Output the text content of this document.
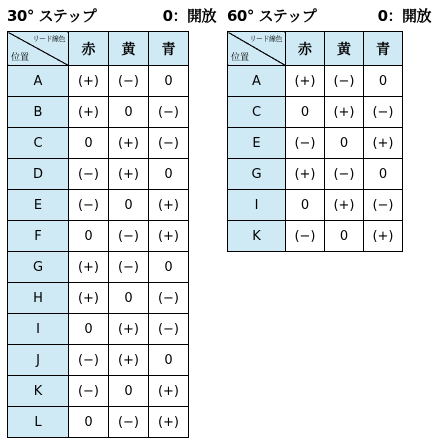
30° ステップ	0：開放
リード線色
位置	赤	黄	青
A	(+)	(−)	0
B	(+)	0	(−)
C	0	(+)	(−)
D	(−)	(+)	0
E	(−)	0	(+)
F	0	(−)	(+)
G	(+)	(−)	0
H	(+)	0	(−)
I	0	(+)	(−)
J	(−)	(+)	0
K	(−)	0	(+)
L	0	(−)	(+)
60° ステップ	0：開放
リード線色
位置	赤	黄	青
A	(+)	(−)	0
C	0	(+)	(−)
E	(−)	0	(+)
G	(+)	(−)	0
I	0	(+)	(−)
K	(−)	0	(+)
